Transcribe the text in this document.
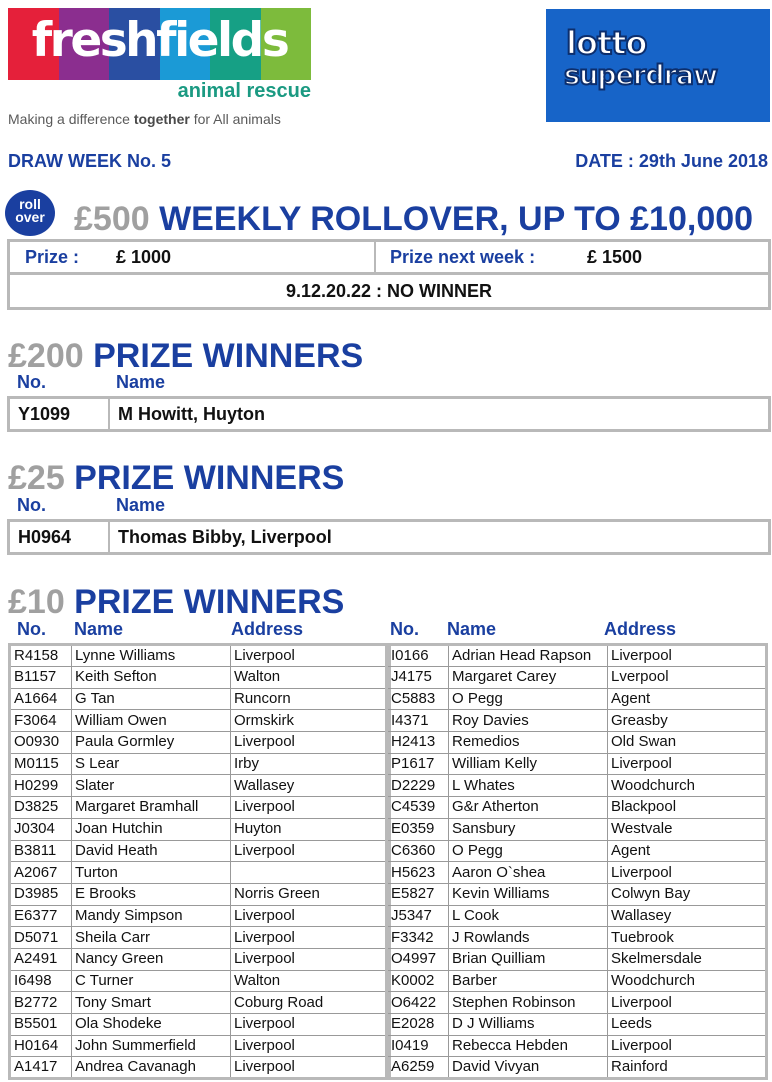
freshfields
animal rescue
Making a difference together for All animals
lotto
superdraw
DRAW WEEK No. 5	DATE : 29th June 2018
roll
over £500 WEEKLY ROLLOVER, UP TO £10,000
Prize :	£ 1000	Prize next week :	£ 1500
9.12.20.22 : NO WINNER
£200 PRIZE WINNERS
No.	Name
Y1099	M Howitt, Huyton
£25 PRIZE WINNERS
No.	Name
H0964	Thomas Bibby, Liverpool
£10 PRIZE WINNERS
No. Name	Address	No. Name	Address
R4158	Lynne Williams	Liverpool
B1157	Keith Sefton	Walton
A1664	G Tan	Runcorn
F3064	William Owen	Ormskirk
O0930	Paula Gormley	Liverpool
M0115	S Lear	Irby
H0299	Slater	Wallasey
D3825	Margaret Bramhall	Liverpool
J0304	Joan Hutchin	Huyton
B3811	David Heath	Liverpool
A2067	Turton	
D3985	E Brooks	Norris Green
E6377	Mandy Simpson	Liverpool
D5071	Sheila Carr	Liverpool
A2491	Nancy Green	Liverpool
I6498	C Turner	Walton
B2772	Tony Smart	Coburg Road
B5501	Ola Shodeke	Liverpool
H0164	John Summerfield	Liverpool
A1417	Andrea Cavanagh	Liverpool
I0166	Adrian Head Rapson	Liverpool
J4175	Margaret Carey	Lverpool
C5883	O Pegg	Agent
I4371	Roy Davies	Greasby
H2413	Remedios	Old Swan
P1617	William Kelly	Liverpool
D2229	L Whates	Woodchurch
C4539	G&r Atherton	Blackpool
E0359	Sansbury	Westvale
C6360	O Pegg	Agent
H5623	Aaron O`shea	Liverpool
E5827	Kevin Williams	Colwyn Bay
J5347	L Cook	Wallasey
F3342	J Rowlands	Tuebrook
O4997	Brian Quilliam	Skelmersdale
K0002	Barber	Woodchurch
O6422	Stephen Robinson	Liverpool
E2028	D J Williams	Leeds
I0419	Rebecca Hebden	Liverpool
A6259	David Vivyan	Rainford
